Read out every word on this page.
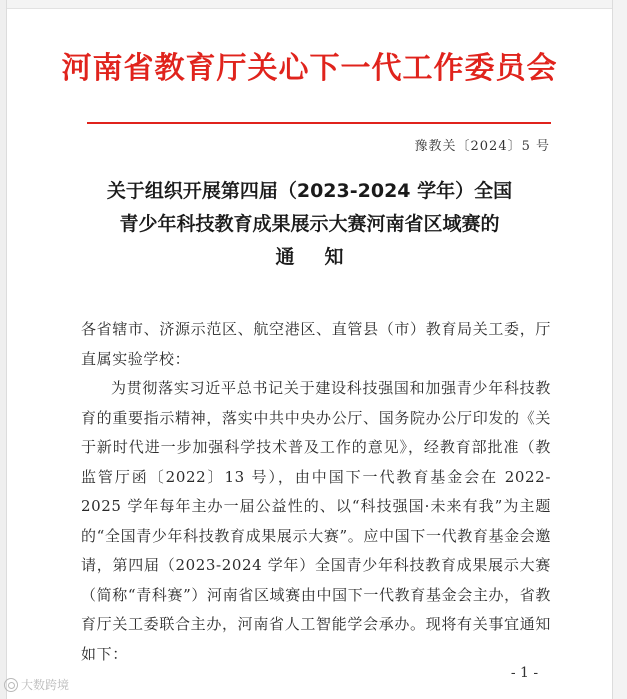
河南省教育厅关心下一代工作委员会
豫教关〔2024〕5 号
关于组织开展第四届（2023-2024 学年）全国
青少年科技教育成果展示大赛河南省区域赛的
通知

各省辖市、济源示范区、航空港区、直管县（市）教育局关工委，厅直属实验学校：

为贯彻落实习近平总书记关于建设科技强国和加强青少年科技教育的重要指示精神，落实中共中央办公厅、国务院办公厅印发的《关于新时代进一步加强科学技术普及工作的意见》，经教育部批准（教监管厅函〔2022〕13 号），由中国下一代教育基金会在 2022-2025 学年每年主办一届公益性的、以“科技强国·未来有我”为主题的“全国青少年科技教育成果展示大赛”。应中国下一代教育基金会邀请，第四届（2023-2024 学年）全国青少年科技教育成果展示大赛（简称“青科赛”）河南省区域赛由中国下一代教育基金会主办，省教育厅关工委联合主办，河南省人工智能学会承办。现将有关事宜通知如下：

- 1 -
大数跨境
